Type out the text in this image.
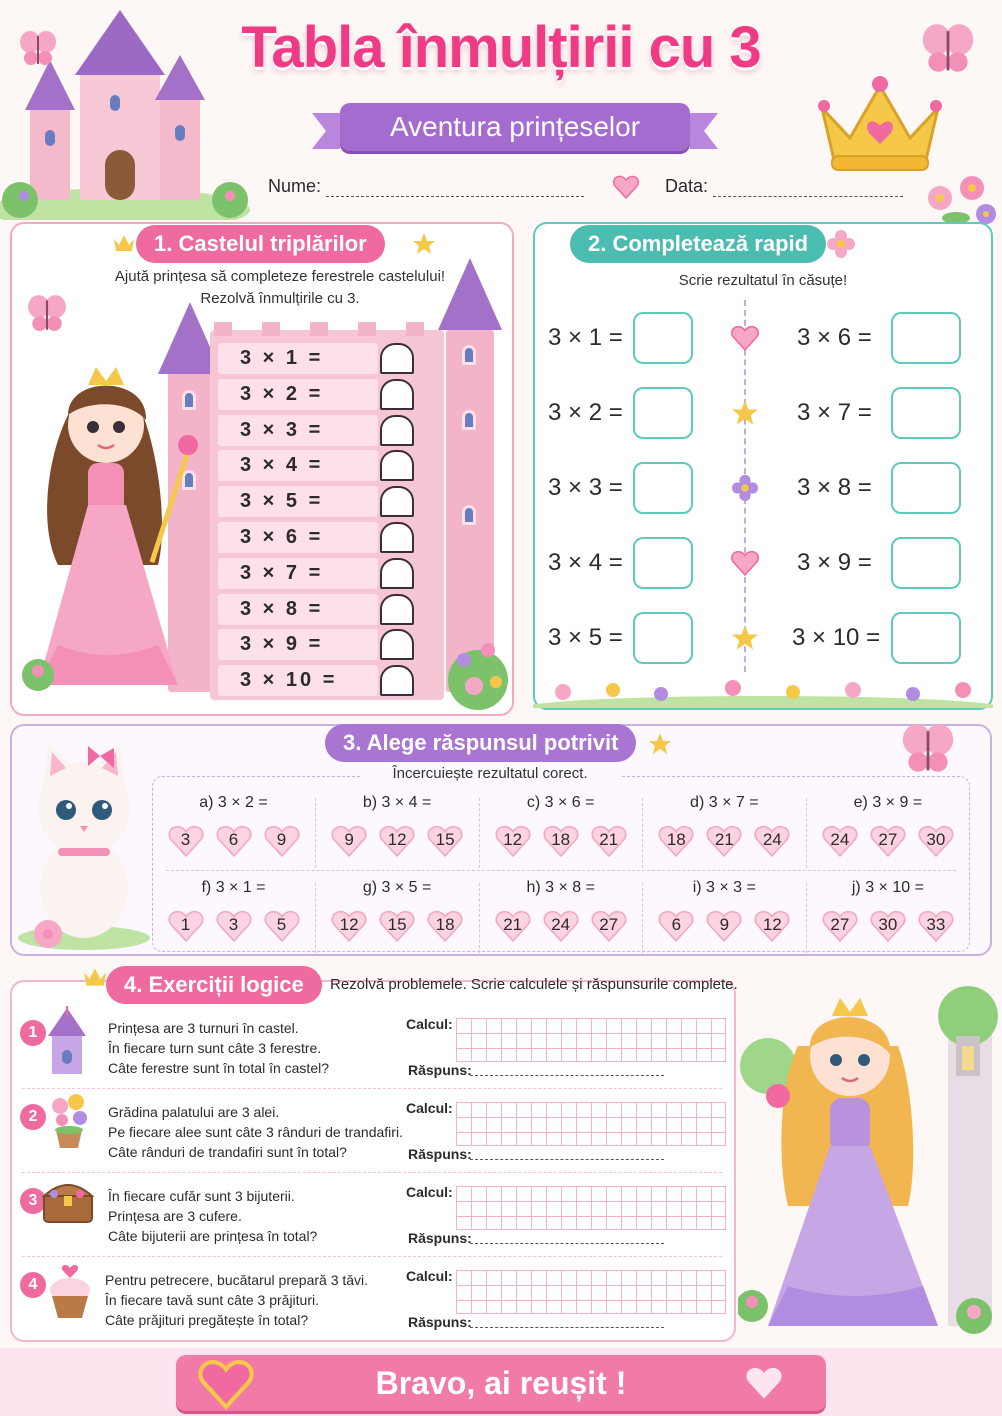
Tabla înmulțirii cu 3
Aventura prințeselor
Nume:	Data:
1. Castelul triplărilor
Ajută prințesa să completeze ferestrele castelului!
Rezolvă înmulțirile cu 3.
3 × 1 =
3 × 2 =
3 × 3 =
3 × 4 =
3 × 5 =
3 × 6 =
3 × 7 =
3 × 8 =
3 × 9 =
3 × 10 =
2. Completează rapid
Scrie rezultatul în căsuțe!
3 × 1 =	3 × 6 =
3 × 2 =	3 × 7 =
3 × 3 =	3 × 8 =
3 × 4 =	3 × 9 =
3 × 5 =	3 × 10 =
3. Alege răspunsul potrivit
Încercuiește rezultatul corect.
a) 3 × 2 =
3 6 9
b) 3 × 4 =
9 12 15
c) 3 × 6 =
12 18 21
d) 3 × 7 =
18 21 24
e) 3 × 9 =
24 27 30
f) 3 × 1 =
1 3 5
g) 3 × 5 =
12 15 18
h) 3 × 8 =
21 24 27
i) 3 × 3 =
6 9 12
j) 3 × 10 =
27 30 33
4. Exerciții logice	Rezolvă problemele. Scrie calculele și răspunsurile complete.
1	Prințesa are 3 turnuri în castel.
În fiecare turn sunt câte 3 ferestre.
Câte ferestre sunt în total în castel?
Calcul:
Răspuns:
2	Grădina palatului are 3 alei.
Pe fiecare alee sunt câte 3 rânduri de trandafiri.
Câte rânduri de trandafiri sunt în total?
Calcul:
Răspuns:
3	În fiecare cufăr sunt 3 bijuterii.
Prințesa are 3 cufere.
Câte bijuterii are prințesa în total?
Calcul:
Răspuns:
4	Pentru petrecere, bucătarul prepară 3 tăvi.
În fiecare tavă sunt câte 3 prăjituri.
Câte prăjituri pregătește în total?
Calcul:
Răspuns:
Bravo, ai reușit !
